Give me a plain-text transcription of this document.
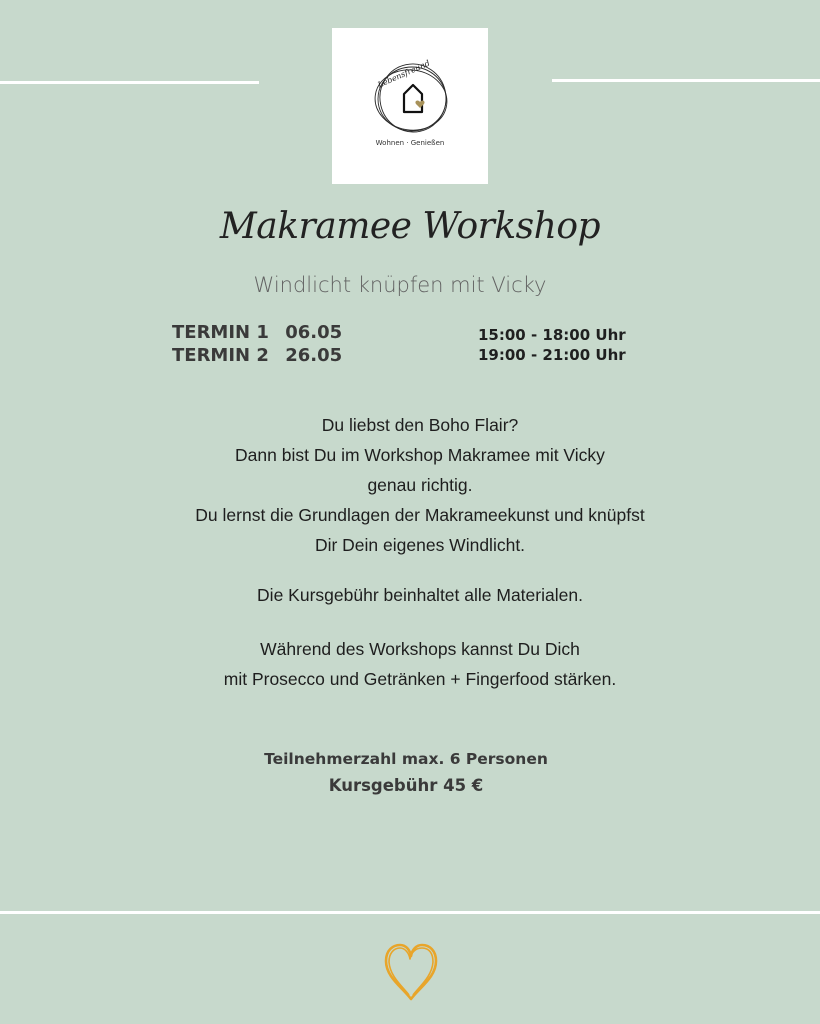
Lebensfreund
Wohnen · Genießen
Makramee Workshop
Windlicht knüpfen mit Vicky
TERMIN 1 06.05
TERMIN 2 26.05
15:00 - 18:00 Uhr
19:00 - 21:00 Uhr
Du liebst den Boho Flair?
Dann bist Du im Workshop Makramee mit Vicky
genau richtig.
Du lernst die Grundlagen der Makrameekunst und knüpfst
Dir Dein eigenes Windlicht.
Die Kursgebühr beinhaltet alle Materialen.
Während des Workshops kannst Du Dich
mit Prosecco und Getränken + Fingerfood stärken.
Teilnehmerzahl max. 6 Personen
Kursgebühr 45 €
